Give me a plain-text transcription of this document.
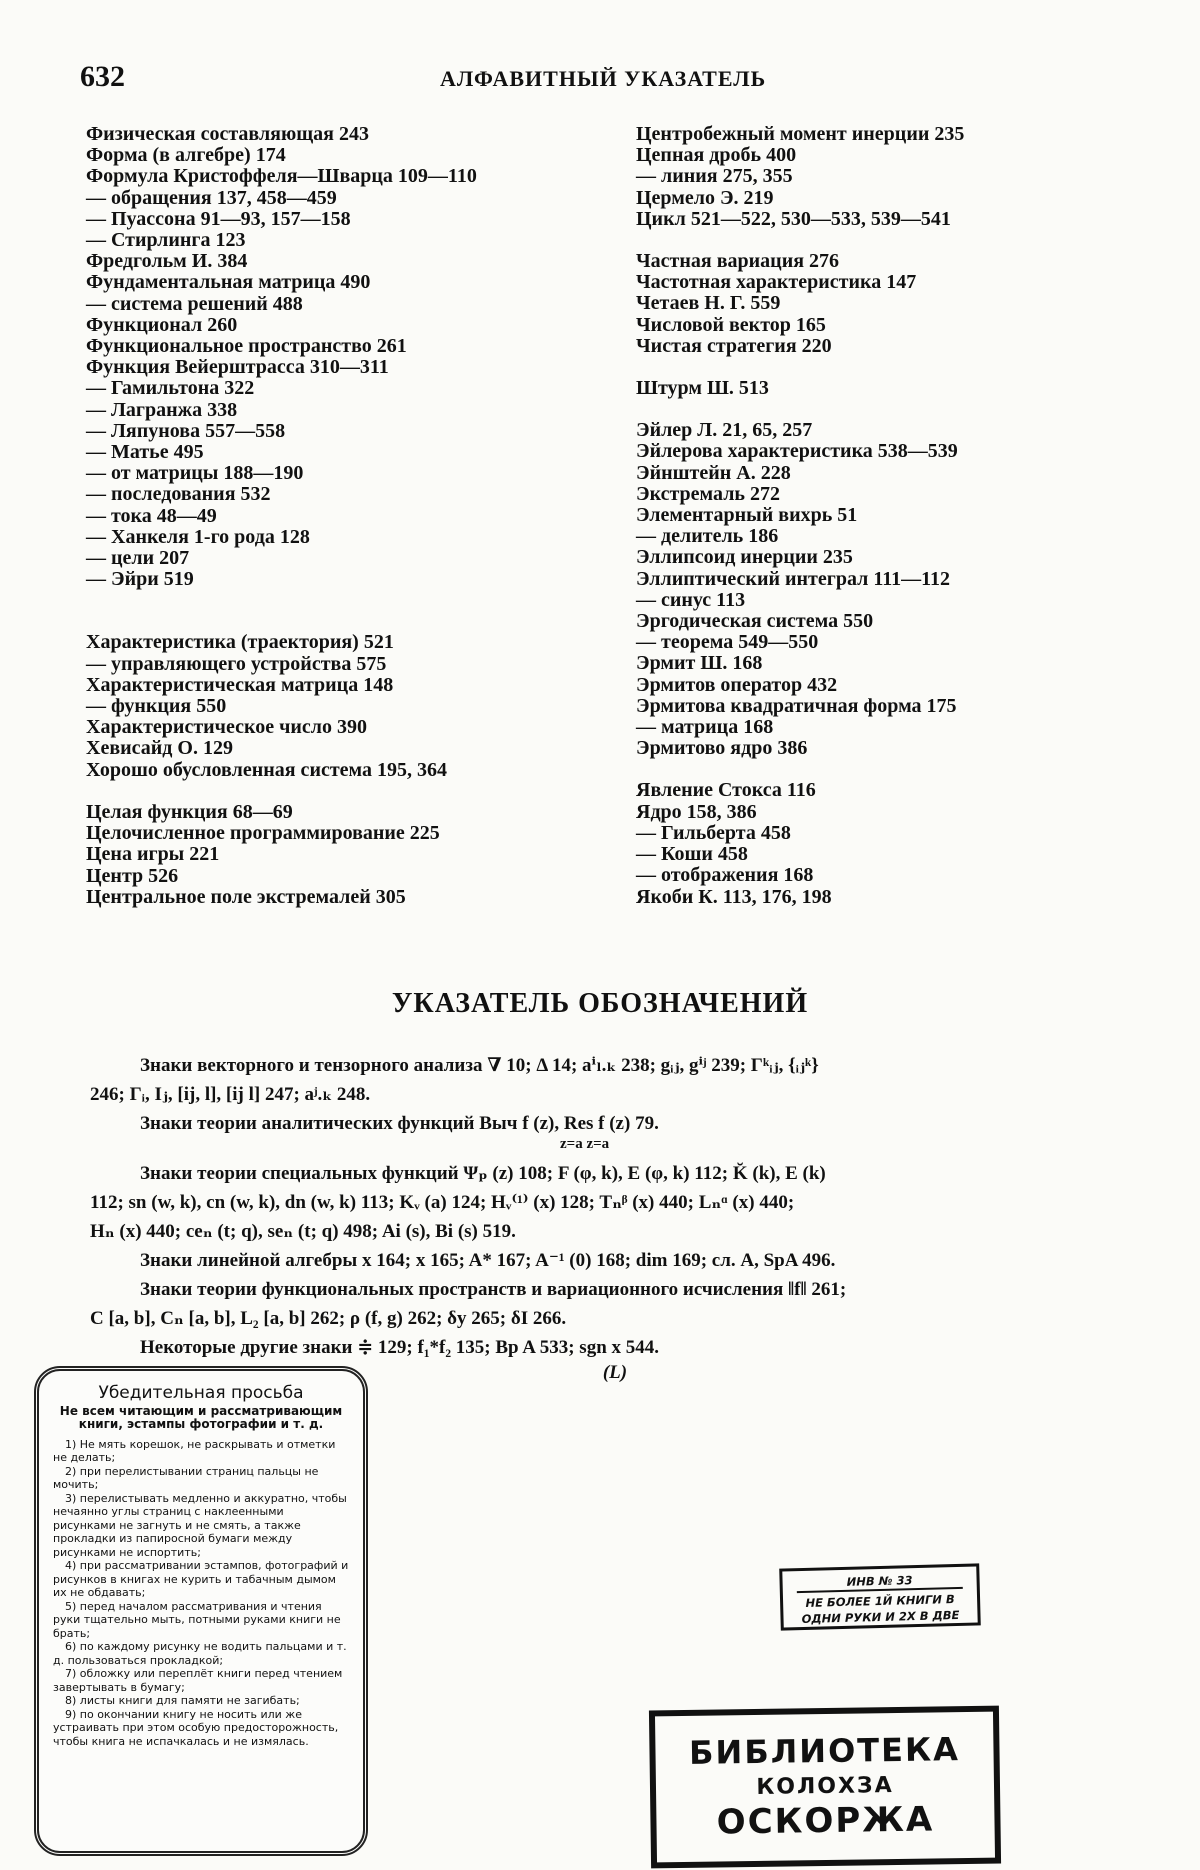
632	АЛФАВИТНЫЙ УКАЗАТЕЛЬ
Физическая составляющая 243
Форма (в алгебре) 174
Формула Кристоффеля—Шварца 109—110
— обращения 137, 458—459
— Пуассона 91—93, 157—158
— Стирлинга 123
Фредгольм И. 384
Фундаментальная матрица 490
— система решений 488
Функционал 260
Функциональное пространство 261
Функция Вейерштрасса 310—311
— Гамильтона 322
— Лагранжа 338
— Ляпунова 557—558
— Матье 495
— от матрицы 188—190
— последования 532
— тока 48—49
— Ханкеля 1-го рода 128
— цели 207
— Эйри 519
Характеристика (траектория) 521
— управляющего устройства 575
Характеристическая матрица 148
— функция 550
Характеристическое число 390
Хевисайд О. 129
Хорошо обусловленная система 195, 364
Целая функция 68—69
Целочисленное программирование 225
Цена игры 221
Центр 526
Центральное поле экстремалей 305
Центробежный момент инерции 235
Цепная дробь 400
— линия 275, 355
Цермело Э. 219
Цикл 521—522, 530—533, 539—541
Частная вариация 276
Частотная характеристика 147
Четаев Н. Г. 559
Числовой вектор 165
Чистая стратегия 220
Штурм Ш. 513
Эйлер Л. 21, 65, 257
Эйлерова характеристика 538—539
Эйнштейн А. 228
Экстремаль 272
Элементарный вихрь 51
— делитель 186
Эллипсоид инерции 235
Эллиптический интеграл 111—112
— синус 113
Эргодическая система 550
— теорема 549—550
Эрмит Ш. 168
Эрмитов оператор 432
Эрмитова квадратичная форма 175
— матрица 168
Эрмитово ядро 386
Явление Стокса 116
Ядро 158, 386
— Гильберта 458
— Коши 458
— отображения 168
Якоби К. 113, 176, 198
УКАЗАТЕЛЬ ОБОЗНАЧЕНИЙ

Знаки векторного и тензорного анализа ∇ 10; Δ 14; aⁱₗ.ₖ 238; gᵢⱼ, gⁱʲ 239; Γᵏᵢⱼ, {ᵢⱼᵏ}

246; Γᵢ, Iⱼ, [ij, l], [ij l] 247; aʲ.ₖ 248.

Знаки теории аналитических функций Выч f (z), Res f (z) 79.

z=a z=a

Знаки теории специальных функций Ψₚ (z) 108; F (φ, k), E (φ, k) 112; K̆ (k), E (k)

112; sn (w, k), cn (w, k), dn (w, k) 113; Kᵥ (a) 124; Hᵥ⁽¹⁾ (x) 128; Tₙᵝ (x) 440; Lₙᵅ (x) 440;

Hₙ (x) 440; ceₙ (t; q), seₙ (t; q) 498; Ai (s), Bi (s) 519.

Знаки линейной алгебры x 164; x 165; A* 167; A⁻¹ (0) 168; dim 169; сл. A, SpA 496.

Знаки теории функциональных пространств и вариационного исчисления ‖f‖ 261;

C [a, b], Cₙ [a, b], L₂ [a, b] 262; ρ (f, g) 262; δy 265; δI 266.

Некоторые другие знаки ≑ 129; f₁*f₂ 135; Bp A 533; sgn x 544.

(L)
Убедительная просьба
Не всем читающим и рассматривающим книги, эстампы фотографии и т. д.

1) Не мять корешок, не раскрывать и отметки не делать;

2) при перелистывании страниц пальцы не мочить;

3) перелистывать медленно и аккуратно, чтобы нечаянно углы страниц с наклеенными рисунками не загнуть и не смять, а также прокладки из папиросной бумаги между рисунками не испортить;

4) при рассматривании эстампов, фотографий и рисунков в книгах не курить и табачным дымом их не обдавать;

5) перед началом рассматривания и чтения руки тщательно мыть, потными руками книги не брать;

6) по каждому рисунку не водить пальцами и т. д. пользоваться прокладкой;

7) обложку или переплёт книги перед чтением завертывать в бумагу;

8) листы книги для памяти не загибать;

9) по окончании книгу не носить или же устраивать при этом особую предосторожность, чтобы книга не испачкалась и не измялась.

ИНВ № 33
НЕ БОЛЕЕ 1Й КНИГИ В
ОДНИ РУКИ И 2Х В ДВЕ
БИБЛИОТЕКА
КОЛОХЗА
ОСКОРЖА
